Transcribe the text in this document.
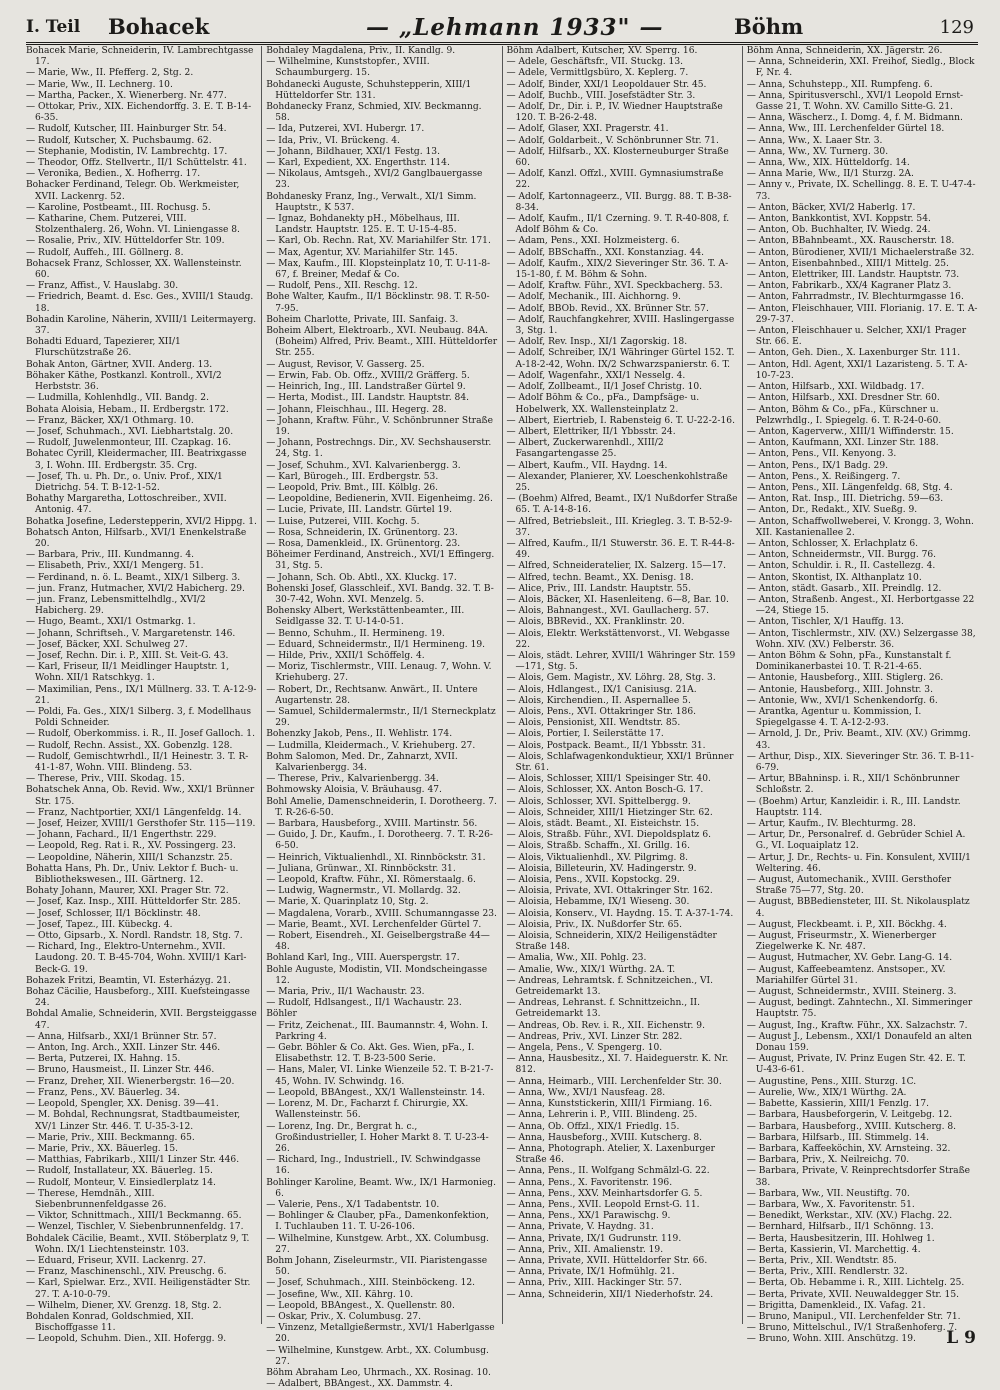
I. Teil Bohacek	— „Lehmann 1933" —	Böhm	129
Bohacek Marie, Schneiderin, IV. Lambrechtgasse 17.
— Marie, Ww., II. Pfefferg. 2, Stg. 2.
— Marie, Ww., II. Lechnerg. 10.
— Martha, Packer., X. Wienerberg. Nr. 477.
— Ottokar, Priv., XIX. Eichendorffg. 3. E. T. B-14-6-35.
— Rudolf, Kutscher, III. Hainburger Str. 54.
— Rudolf, Kutscher, X. Puchsbaumg. 62.
— Stephanie, Modistin, IV. Lambrechtg. 17.
— Theodor, Offz. Stellvertr., II/1 Schüttelstr. 41.
— Veronika, Bedien., X. Hofherrg. 17.
Bohacker Ferdinand, Telegr. Ob. Werkmeister, XVII. Lackenrg. 52.
— Karoline, Postbeamt., III. Rochusg. 5.
— Katharine, Chem. Putzerei, VIII. Stolzenthalerg. 26, Wohn. VI. Liniengasse 8.
— Rosalie, Priv., XIV. Hütteldorfer Str. 109.
— Rudolf, Auffeh., III. Göllnerg. 8.
Bohacsek Franz, Schlosser, XX. Wallensteinstr. 60.
— Franz, Affist., V. Hauslabg. 30.
— Friedrich, Beamt. d. Esc. Ges., XVIII/1 Staudg. 18.
Bohadin Karoline, Näherin, XVIII/1 Leitermayerg. 37.
Bohadti Eduard, Tapezierer, XII/1 Flurschützstraße 26.
Bohak Anton, Gärtner, XVII. Anderg. 13.
Böhaker Käthe, Postkanzl. Kontroll., XVI/2 Herbststr. 36.
— Ludmilla, Kohlenhdlg., VII. Bandg. 2.
Bohata Aloisia, Hebam., II. Erdbergstr. 172.
— Franz, Bäcker, XX/1 Othmarg. 10.
— Josef, Schuhmach., XVI. Liebhartstalg. 20.
— Rudolf, Juwelenmonteur, III. Czapkag. 16.
Bohatec Cyrill, Kleidermacher, III. Beatrixgasse 3, I. Wohn. III. Erdbergstr. 35. Crg.
— Josef, Th. u. Ph. Dr., o. Univ. Prof., XIX/1 Dietrichg. 54. T. B-12-1-52.
Bohathy Margaretha, Lottoschreiber., XVII. Antonig. 47.
Bohatka Josefine, Lederstepperin, XVI/2 Hippg. 1.
Bohatsch Anton, Hilfsarb., XVI/1 Enenkelstraße 20.
— Barbara, Priv., III. Kundmanng. 4.
— Elisabeth, Priv., XXI/1 Mengerg. 51.
— Ferdinand, n. ö. L. Beamt., XIX/1 Silberg. 3.
— jun. Franz, Hutmacher, XVI/2 Habicherg. 29.
— jun. Franz, Lebensmittelhdlg., XVI/2 Habicherg. 29.
— Hugo, Beamt., XXI/1 Ostmarkg. 1.
— Johann, Schriftseh., V. Margaretenstr. 146.
— Josef, Bäcker, XXI. Schulweg 27.
— Josef, Rechn. Dir. i. P., XIII. St. Veit-G. 43.
— Karl, Friseur, II/1 Meidlinger Hauptstr. 1, Wohn. XII/1 Ratschkyg. 1.
— Maximilian, Pens., IX/1 Müllnerg. 33. T. A-12-9-21.
— Poldi, Fa. Ges., XIX/1 Silberg. 3, f. Modellhaus Poldi Schneider.
— Rudolf, Oberkommiss. i. R., II. Josef Galloch. 1.
— Rudolf, Rechn. Assist., XX. Gobenzlg. 128.
— Rudolf, Gemischtwrhdl., II/1 Heinestr. 3. T. R-41-1-87, Wohn. VIII. Blindeng. 53.
— Therese, Priv., VIII. Skodag. 15.
Bohatschek Anna, Ob. Revid. Ww., XXI/1 Brünner Str. 175.
— Franz, Nachtportier, XXI/1 Längenfeldg. 14.
— Josef, Heizer, XVIII/1 Gersthofer Str. 115—119.
— Johann, Fachard., II/1 Engerthstr. 229.
— Leopold, Reg. Rat i. R., XV. Possingerg. 23.
— Leopoldine, Näherin, XIII/1 Schanzstr. 25.
Bohatta Hans, Ph. Dr., Univ. Lektor f. Buch- u. Bibliothekswesen., III. Gärtnerg. 12.
Bohaty Johann, Maurer, XXI. Prager Str. 72.
— Josef, Kaz. Insp., XIII. Hütteldorfer Str. 285.
— Josef, Schlosser, II/1 Böcklinstr. 48.
— Josef, Tapez., III. Kübeckg. 4.
— Otto, Gipsarb., X. Nordl. Randstr. 18, Stg. 7.
— Richard, Ing., Elektro-Unternehm., XVII. Laudong. 20. T. B-45-704, Wohn. XVIII/1 Karl-Beck-G. 19.
Bohazek Fritzi, Beamtin, VI. Esterházyg. 21.
Bohaz Cäcilie, Hausbeforg., XIII. Kuefsteingasse 24.
Bohdal Amalie, Schneiderin, XVII. Bergsteiggasse 47.
— Anna, Hilfsarb., XXI/1 Brünner Str. 57.
— Anton, Ing. Arch., XXII. Linzer Str. 446.
— Berta, Putzerei, IX. Hahng. 15.
— Bruno, Hausmeist., II. Linzer Str. 446.
— Franz, Dreher, XII. Wienerbergstr. 16—20.
— Franz, Pens., XV. Bäuerleg. 34.
— Leopold, Spengler, XX. Denisg. 39—41.
— M. Bohdal, Rechnungsrat, Stadtbaumeister, XV/1 Linzer Str. 446. T. U-35-3-12.
— Marie, Priv., XIII. Beckmanng. 65.
— Marie, Priv., XX. Bäuerleg. 15.
— Matthias, Fabrikarb., XIII/1 Linzer Str. 446.
— Rudolf, Installateur, XX. Bäuerleg. 15.
— Rudolf, Monteur, V. Einsiedlerplatz 14.
— Therese, Hemdnäh., XIII. Siebenbrunnenfeldgasse 26.
— Viktor, Schnittmach., XIII/1 Beckmanng. 65.
— Wenzel, Tischler, V. Siebenbrunnenfeldg. 17.
Bohdalek Cäcilie, Beamt., XVII. Stöberplatz 9, T. Wohn. IX/1 Liechtensteinstr. 103.
— Eduard, Friseur, XVII. Lackenrg. 27.
— Franz, Maschinenschl., XIV. Preuschg. 6.
— Karl, Spielwar. Erz., XVII. Heiligenstädter Str. 27. T. A-10-0-79.
— Wilhelm, Diener, XV. Grenzg. 18, Stg. 2.
Bohdalen Konrad, Goldschmied, XII. Bischoffgasse 11.
— Leopold, Schuhm. Dien., XII. Hofergg. 9.
Bohdaley Magdalena, Priv., II. Kandlg. 9.
— Wilhelmine, Kunststopfer., XVIII. Schaumburgerg. 15.
Bohdanecki Auguste, Schuhstepperin, XIII/1 Hütteldorfer Str. 131.
Bohdanecky Franz, Schmied, XIV. Beckmanng. 58.
— Ida, Putzerei, XVI. Hubergr. 17.
— Ida, Priv., VI. Brückeng. 4.
— Johann, Bildhauer, XXI/1 Festg. 13.
— Karl, Expedient, XX. Engerthstr. 114.
— Nikolaus, Amtsgeh., XVI/2 Ganglbauergasse 23.
Bohdanesky Franz, Ing., Verwalt., XI/1 Simm. Hauptstr., K 537.
— Ignaz, Bohdanekty pH., Möbelhaus, III. Landstr. Hauptstr. 125. E. T. U-15-4-85.
— Karl, Ob. Rechn. Rat, XV. Mariahilfer Str. 171.
— Max, Agentur, XV. Mariahilfer Str. 145.
— Max, Kaufm., III. Klopsteinplatz 10, T. U-11-8-67, f. Breiner, Medaf & Co.
— Rudolf, Pens., XII. Reschg. 12.
Bohe Walter, Kaufm., II/1 Böcklinstr. 98. T. R-50-7-95.
Boheim Charlotte, Private, III. Sanfaig. 3.
Boheim Albert, Elektroarb., XVI. Neubaug. 84A. (Boheim) Alfred, Priv. Beamt., XIII. Hütteldorfer Str. 255.
— August, Revisor, V. Gasserg. 25.
— Erwin, Fab. Ob. Offz., XVIII/2 Gräfferg. 5.
— Heinrich, Ing., III. Landstraßer Gürtel 9.
— Herta, Modist., III. Landstr. Hauptstr. 84.
— Johann, Fleischhau., III. Hegerg. 28.
— Johann, Kraftw. Führ., V. Schönbrunner Straße 19.
— Johann, Postrechngs. Dir., XV. Sechshauserstr. 24, Stg. 1.
— Josef, Schuhm., XVI. Kalvarienbergg. 3.
— Karl, Bürogeh., III. Erdbergstr. 53.
— Leopold, Priv. Bmt., III. Kölblg. 26.
— Leopoldine, Bedienerin, XVII. Eigenheimg. 26.
— Lucie, Private, III. Landstr. Gürtel 19.
— Luise, Putzerei, VIII. Kochg. 5.
— Rosa, Schneiderin, IX. Grünentorg. 23.
— Rosa, Damenkleid., IX. Grünentorg. 23.
Böheimer Ferdinand, Anstreich., XVI/1 Effingerg. 31, Stg. 5.
— Johann, Sch. Ob. Abtl., XX. Kluckg. 17.
Bohenski Josef, Glasschleif., XVI. Bandg. 32. T. B-30-7-42, Wohn. XVI. Menzelg. 5.
Bohensky Albert, Werkstättenbeamter., III. Seidlgasse 32. T. U-14-0-51.
— Benno, Schuhm., II. Hermineng. 19.
— Eduard, Schneidermstr., II/1 Hermineng. 19.
— Hilde, Priv., XXII/1 Schöffelg. 4.
— Moriz, Tischlermstr., VIII. Lenaug. 7, Wohn. V. Kriehuberg. 27.
— Robert, Dr., Rechtsanw. Anwärt., II. Untere Augartenstr. 28.
— Samuel, Schildermalermstr., II/1 Sterneckplatz 29.
Bohenzky Jakob, Pens., II. Wehlistr. 174.
— Ludmilla, Kleidermach., V. Kriehuberg. 27.
Bohm Salomon, Med. Dr., Zahnarzt, XVII. Kalvarienbergg. 34.
— Therese, Priv., Kalvarienbergg. 34.
Bohmowsky Aloisia, V. Bräuhausg. 47.
Bohl Amelie, Damenschneiderin, I. Dorotheerg. 7. T. R-26-6-50.
— Barbara, Hausbeforg., XVIII. Martinstr. 56.
— Guido, J. Dr., Kaufm., I. Dorotheerg. 7. T. R-26-6-50.
— Heinrich, Viktualienhdl., XI. Rinnböckstr. 31.
— Juliana, Grünwar., XI. Rinnböckstr. 31.
— Leopold, Kraftw. Führ., XI. Römerstaalg. 6.
— Ludwig, Wagnermstr., VI. Mollardg. 32.
— Marie, X. Quarinplatz 10, Stg. 2.
— Magdalena, Vorarb., XVIII. Schumanngasse 23.
— Marie, Beamt., XVI. Lerchenfelder Gürtel 7.
— Robert, Eisendreh., XI. Geiselbergstraße 44—48.
Bohland Karl, Ing., VIII. Auerspergstr. 17.
Bohle Auguste, Modistin, VII. Mondscheingasse 12.
— Maria, Priv., II/1 Wachaustr. 23.
— Rudolf, Hdlsangest., II/1 Wachaustr. 23.
Böhler
— Fritz, Zeichenat., III. Baumannstr. 4, Wohn. I. Parkring 4.
— Gebr. Böhler & Co. Akt. Ges. Wien, pFa., I. Elisabethstr. 12. T. B-23-500 Serie.
— Hans, Maler, VI. Linke Wienzeile 52. T. B-21-7-45, Wohn. IV. Schwindg. 16.
— Leopold, BBAngest., XX/1 Wallensteinstr. 14.
— Lorenz, M. Dr., Facharzt f. Chirurgie, XX. Wallensteinstr. 56.
— Lorenz, Ing. Dr., Bergrat h. c., Großindustrieller, I. Hoher Markt 8. T. U-23-4-26.
— Richard, Ing., Industriell., IV. Schwindgasse 16.
Bohlinger Karoline, Beamt. Ww., IX/1 Harmonieg. 6.
— Valerie, Pens., X/1 Tadabentstr. 10.
— Bohlinger & Clauber, pFa., Damenkonfektion, I. Tuchlauben 11. T. U-26-106.
— Wilhelmine, Kunstgew. Arbt., XX. Columbusg. 27.
Bohm Johann, Ziseleurmstr., VII. Piaristengasse 50.
— Josef, Schuhmach., XIII. Steinböckeng. 12.
— Josefine, Ww., XII. Kährg. 10.
— Leopold, BBAngest., X. Quellenstr. 80.
— Oskar, Priv., X. Columbusg. 27.
— Vinzenz, Metallgießermstr., XVI/1 Haberlgasse 20.
— Wilhelmine, Kunstgew. Arbt., XX. Columbusg. 27.
Böhm Abraham Leo, Uhrmach., XX. Rosinag. 10.
— Adalbert, BBAngest., XX. Dammstr. 4.
Böhm Adalbert, Kutscher, XV. Sperrg. 16.
— Adele, Geschäftsfr., VII. Stuckg. 13.
— Adele, Vermittlgsbüro, X. Keplerg. 7.
— Adolf, Binder, XXI/1 Leopoldauer Str. 45.
— Adolf, Buchb., VIII. Josefstädter Str. 3.
— Adolf, Dr., Dir. i. P., IV. Wiedner Hauptstraße 120. T. B-26-2-48.
— Adolf, Glaser, XXI. Pragerstr. 41.
— Adolf, Goldarbeit., V. Schönbrunner Str. 71.
— Adolf, Hilfsarb., XX. Klosterneuburger Straße 60.
— Adolf, Kanzl. Offzl., XVIII. Gymnasiumstraße 22.
— Adolf, Kartonnageerz., VII. Burgg. 88. T. B-38-8-34.
— Adolf, Kaufm., II/1 Czerning. 9. T. R-40-808, f. Adolf Böhm & Co.
— Adam, Pens., XXI. Holzmeisterg. 6.
— Adolf, BBSchaffn., XXI. Konstanziag. 44.
— Adolf, Kaufm., XIX/2 Sieveringer Str. 36. T. A-15-1-80, f. M. Böhm & Sohn.
— Adolf, Kraftw. Führ., XVI. Speckbacherg. 53.
— Adolf, Mechanik., III. Aichhorng. 9.
— Adolf, BBOb. Revid., XX. Brünner Str. 57.
— Adolf, Rauchfangkehrer, XVIII. Haslingergasse 3, Stg. 1.
— Adolf, Rev. Insp., XI/1 Zagorskig. 18.
— Adolf, Schreiber, IX/1 Währinger Gürtel 152. T. A-18-2-42, Wohn. IX/2 Schwarzspanierstr. 6. T.
— Adolf, Wagenfahr., XXI/1 Nesselg. 4.
— Adolf, Zollbeamt., II/1 Josef Christg. 10.
— Adolf Böhm & Co., pFa., Dampfsäge- u. Hobelwerk, XX. Wallensteinplatz 2.
— Albert, Eiertrieb, I. Rabensteig 6. T. U-22-2-16.
— Albert, Elettriker, II/1 Ybbsstr. 24.
— Albert, Zuckerwarenhdl., XIII/2 Fasangartengasse 25.
— Albert, Kaufm., VII. Haydng. 14.
— Alexander, Planierer, XV. Loeschenkohlstraße 25.
— (Boehm) Alfred, Beamt., IX/1 Nußdorfer Straße 65. T. A-14-8-16.
— Alfred, Betriebsleit., III. Kriegleg. 3. T. B-52-9-37.
— Alfred, Kaufm., II/1 Stuwerstr. 36. E. T. R-44-8-49.
— Alfred, Schneideratelier, IX. Salzerg. 15—17.
— Alfred, techn. Beamt., XX. Denisg. 18.
— Alice, Priv., III. Landstr. Hauptstr. 55.
— Alois, Bäcker, XI. Hasenleiteng. 6—8, Bar. 10.
— Alois, Bahnangest., XVI. Gaullacherg. 57.
— Alois, BBRevid., XX. Franklinstr. 20.
— Alois, Elektr. Werkstättenvorst., VI. Webgasse 22.
— Alois, städt. Lehrer, XVIII/1 Währinger Str. 159—171, Stg. 5.
— Alois, Gem. Magistr., XV. Löhrg. 28, Stg. 3.
— Alois, Hdlangest., IX/1 Canisiusg. 21A.
— Alois, Kirchendien., II. Aspernallee 5.
— Alois, Pens., XVI. Ottakringer Str. 186.
— Alois, Pensionist, XII. Wendtstr. 85.
— Alois, Portier, I. Seilerstätte 17.
— Alois, Postpack. Beamt., II/1 Ybbsstr. 31.
— Alois, Schlafwagenkonduktieur, XXI/1 Brünner Str. 61.
— Alois, Schlosser, XIII/1 Speisinger Str. 40.
— Alois, Schlosser, XX. Anton Bosch-G. 17.
— Alois, Schlosser, XVI. Spittelbergg. 9.
— Alois, Schneider, XIII/1 Hietzinger Str. 62.
— Alois, städt. Beamt., XI. Eisteichstr. 15.
— Alois, Straßb. Führ., XVI. Diepoldsplatz 6.
— Alois, Straßb. Schaffn., XI. Grillg. 16.
— Alois, Viktualienhdl., XV. Pilgrimg. 8.
— Aloisia, Billeteurin, XV. Hadingerstr. 9.
— Aloisia, Pens., XVII. Kopstockg. 29.
— Aloisia, Private, XVI. Ottakringer Str. 162.
— Aloisia, Hebamme, IX/1 Wieseng. 30.
— Aloisia, Konserv., VI. Haydng. 15. T. A-37-1-74.
— Aloisia, Priv., IX. Nußdorfer Str. 65.
— Aloisia, Schneiderin, XIX/2 Heiligenstädter Straße 148.
— Amalia, Ww., XII. Pohlg. 23.
— Amalie, Ww., XIX/1 Würthg. 2A. T.
— Andreas, Lehramtsk. f. Schnitzeichen., VI. Getreidemarkt 13.
— Andreas, Lehranst. f. Schnittzeichn., II. Getreidemarkt 13.
— Andreas, Ob. Rev. i. R., XII. Eichenstr. 9.
— Andreas, Priv., XVI. Linzer Str. 282.
— Angela, Pens., V. Spengerg. 10.
— Anna, Hausbesitz., XI. 7. Haideguerstr. K. Nr. 812.
— Anna, Heimarb., VIII. Lerchenfelder Str. 30.
— Anna, Ww., XVI/1 Nausfeag. 28.
— Anna, Kunststickerin, XIII/1 Firmiang. 16.
— Anna, Lehrerin i. P., VIII. Blindeng. 25.
— Anna, Ob. Offzl., XIX/1 Friedlg. 15.
— Anna, Hausbeforg., XVIII. Kutscherg. 8.
— Anna, Photograph. Atelier, X. Laxenburger Straße 46.
— Anna, Pens., II. Wolfgang Schmälzl-G. 22.
— Anna, Pens., X. Favoritenstr. 196.
— Anna, Pens., XXV. Meinhartsdorfer G. 5.
— Anna, Pens., XVII. Leopold Ernst-G. 11.
— Anna, Pens., XX/1 Parawischg. 9.
— Anna, Private, V. Haydng. 31.
— Anna, Private, IX/1 Gudrunstr. 119.
— Anna, Priv., XII. Amalienstr. 19.
— Anna, Private, XVII. Hütteldorfer Str. 66.
— Anna, Private, IX/1 Hofmühlg. 21.
— Anna, Priv., XIII. Hackinger Str. 57.
— Anna, Schneiderin, XII/1 Niederhofstr. 24.
Böhm Anna, Schneiderin, XX. Jägerstr. 26.
— Anna, Schneiderin, XXI. Freihof, Siedlg., Block F, Nr. 4.
— Anna, Schuhstepp., XII. Rumpfeng. 6.
— Anna, Spiritusverschl., XVI/1 Leopold Ernst-Gasse 21, T. Wohn. XV. Camillo Sitte-G. 21.
— Anna, Wäscherz., I. Domg. 4, f. M. Bidmann.
— Anna, Ww., III. Lerchenfelder Gürtel 18.
— Anna, Ww., X. Laaer Str. 3.
— Anna, Ww., XV. Turnerg. 30.
— Anna, Ww., XIX. Hütteldorfg. 14.
— Anna Marie, Ww., II/1 Sturzg. 2A.
— Anny v., Private, IX. Schellingg. 8. E. T. U-47-4-73.
— Anton, Bäcker, XVI/2 Haberlg. 17.
— Anton, Bankkontist, XVI. Koppstr. 54.
— Anton, Ob. Buchhalter, IV. Wiedg. 24.
— Anton, BBahnbeamt., XX. Rauscherstr. 18.
— Anton, Bürodiener, XVII/1 Michaelerstraße 32.
— Anton, Eisenbahnbed., XIII/1 Mittelg. 25.
— Anton, Elettriker, III. Landstr. Hauptstr. 73.
— Anton, Fabrikarb., XX/4 Kagraner Platz 3.
— Anton, Fahrradmstr., IV. Blechturmgasse 16.
— Anton, Fleischhauer, VIII. Florianig. 17. E. T. A-29-7-37.
— Anton, Fleischhauer u. Selcher, XXI/1 Prager Str. 66. E.
— Anton, Geh. Dien., X. Laxenburger Str. 111.
— Anton, Hdl. Agent, XXI/1 Lazaristeng. 5. T. A-10-7-23.
— Anton, Hilfsarb., XXI. Wildbadg. 17.
— Anton, Hilfsarb., XXI. Dresdner Str. 60.
— Anton, Böhm & Co., pFa., Kürschner u. Pelzwrhdlg., I. Spiegelg. 6. T. R-24-0-60.
— Anton, Kagerverw., XIII/1 Wiffinderstr. 15.
— Anton, Kaufmann, XXI. Linzer Str. 188.
— Anton, Pens., VII. Kenyong. 3.
— Anton, Pens., IX/1 Badg. 29.
— Anton, Pens., X. Reißingerg. 7.
— Anton, Pens., XII. Längenfeldg. 68, Stg. 4.
— Anton, Rat. Insp., III. Dietrichg. 59—63.
— Anton, Dr., Redakt., XIV. Sueßg. 9.
— Anton, Schaffwollweberei, V. Krongg. 3, Wohn. XII. Kastanienallee 2.
— Anton, Schlosser, X. Erlachplatz 6.
— Anton, Schneidermstr., VII. Burgg. 76.
— Anton, Schuldir. i. R., II. Castellezg. 4.
— Anton, Skontist, IX. Althanplatz 10.
— Anton, städt. Gasarb., XII. Preindlg. 12.
— Anton, Straßenb. Angest., XI. Herbortgasse 22—24, Stiege 15.
— Anton, Tischler, X/1 Hauffg. 13.
— Anton, Tischlermstr., XIV. (XV.) Selzergasse 38, Wohn. XIV. (XV.) Felberstr. 36.
— Anton Böhm & Sohn, pFa., Kunstanstalt f. Dominikanerbastei 10. T. R-21-4-65.
— Antonie, Hausbeforg., XIII. Stiglerg. 26.
— Antonie, Hausbeforg., XIII. Johnstr. 3.
— Antonie, Ww., XVI/1 Schenkendorfg. 6.
— Arantka, Agentur u. Kommission, I. Spiegelgasse 4. T. A-12-2-93.
— Arnold, J. Dr., Priv. Beamt., XIV. (XV.) Grimmg. 43.
— Arthur, Disp., XIX. Sieveringer Str. 36. T. B-11-6-79.
— Artur, BBahninsp. i. R., XII/1 Schönbrunner Schloßstr. 2.
— (Boehm) Artur, Kanzleidir. i. R., III. Landstr. Hauptstr. 114.
— Artur, Kaufm., IV. Blechturmg. 28.
— Artur, Dr., Personalref. d. Gebrüder Schiel A. G., VI. Loquaiplatz 12.
— Artur, J. Dr., Rechts- u. Fin. Konsulent, XVIII/1 Weltering. 46.
— August, Automechanik., XVIII. Gersthofer Straße 75—77, Stg. 20.
— August, BBBediensteter, III. St. Nikolausplatz 4.
— August, Fleckbeamt. i. P., XII. Böckhg. 4.
— August, Friseurmstr., X. Wienerberger Ziegelwerke K. Nr. 487.
— August, Hutmacher, XV. Gebr. Lang-G. 14.
— August, Kaffeebeamtenz. Anstsoper., XV. Mariahilfer Gürtel 31.
— August, Schneidermstr., XVIII. Steinerg. 3.
— August, bedingt. Zahntechn., XI. Simmeringer Hauptstr. 75.
— August, Ing., Kraftw. Führ., XX. Salzachstr. 7.
— August J., Lebensm., XXI/1 Donaufeld an alten Donau 159.
— August, Private, IV. Prinz Eugen Str. 42. E. T. U-43-6-61.
— Augustine, Pens., XIII. Sturzg. 1C.
— Aurelie, Ww., XIX/1 Würthg. 2A.
— Babette, Kassierin, XIII/1 Fenzlg. 17.
— Barbara, Hausbeforgerin, V. Leitgebg. 12.
— Barbara, Hausbeforg., XVIII. Kutscherg. 8.
— Barbara, Hilfsarb., III. Stimmelg. 14.
— Barbara, Kaffeeköchin, XV. Arnsteing. 32.
— Barbara, Priv., X. Neilreichg. 70.
— Barbara, Private, V. Reinprechtsdorfer Straße 38.
— Barbara, Ww., VII. Neustiftg. 70.
— Barbara, Ww., X. Favoritenstr. 51.
— Benedikt, Werkstar., XIV. (XV.) Flachg. 22.
— Bernhard, Hilfsarb., II/1 Schönng. 13.
— Berta, Hausbesitzerin, III. Hohlweg 1.
— Berta, Kassierin, VI. Marchettig. 4.
— Berta, Priv., XII. Wendtstr. 85.
— Berta, Priv., XIII. Rendlerstr. 32.
— Berta, Ob. Hebamme i. R., XIII. Lichtelg. 25.
— Berta, Private, XVII. Neuwaldegger Str. 15.
— Brigitta, Damenkleid., IX. Vafag. 21.
— Bruno, Manipul., VII. Lerchenfelder Str. 71.
— Bruno, Mittelschul., IV/1 Straßenhoferg. 7.
— Bruno, Wohn. XIII. Anschützg. 19.	L 9
